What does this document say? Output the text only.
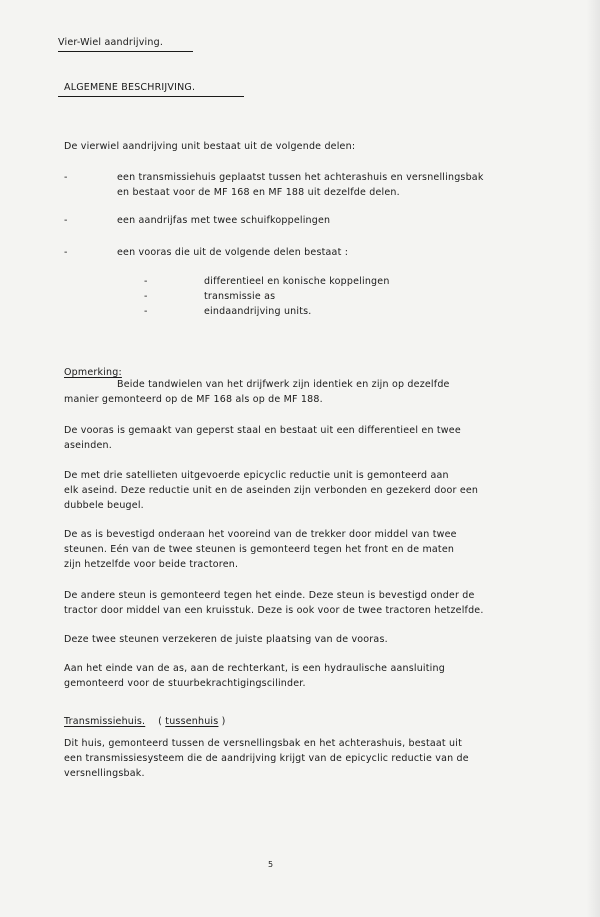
Vier-Wiel aandrijving.
ALGEMENE BESCHRIJVING.
De vierwiel aandrijving unit bestaat uit de volgende delen:
-	een transmissiehuis geplaatst tussen het achterashuis en versnellingsbak
en bestaat voor de MF 168 en MF 188 uit dezelfde delen.
-	een aandrijfas met twee schuifkoppelingen
-	een vooras die uit de volgende delen bestaat :
-	differentieel en konische koppelingen
-	transmissie as
-	eindaandrijving units.
Opmerking:
Beide tandwielen van het drijfwerk zijn identiek en zijn op dezelfde
manier gemonteerd op de MF 168 als op de MF 188.
De vooras is gemaakt van geperst staal en bestaat uit een differentieel en twee
aseinden.
De met drie satellieten uitgevoerde epicyclic reductie unit is gemonteerd aan
elk aseind. Deze reductie unit en de aseinden zijn verbonden en gezekerd door een
dubbele beugel.
De as is bevestigd onderaan het vooreind van de trekker door middel van twee
steunen. Eén van de twee steunen is gemonteerd tegen het front en de maten
zijn hetzelfde voor beide tractoren.
De andere steun is gemonteerd tegen het einde. Deze steun is bevestigd onder de
tractor door middel van een kruisstuk. Deze is ook voor de twee tractoren hetzelfde.
Deze twee steunen verzekeren de juiste plaatsing van de vooras.
Aan het einde van de as, aan de rechterkant, is een hydraulische aansluiting
gemonteerd voor de stuurbekrachtigingscilinder.
Transmissiehuis. ( tussenhuis )
Dit huis, gemonteerd tussen de versnellingsbak en het achterashuis, bestaat uit
een transmissiesysteem die de aandrijving krijgt van de epicyclic reductie van de
versnellingsbak.
5
